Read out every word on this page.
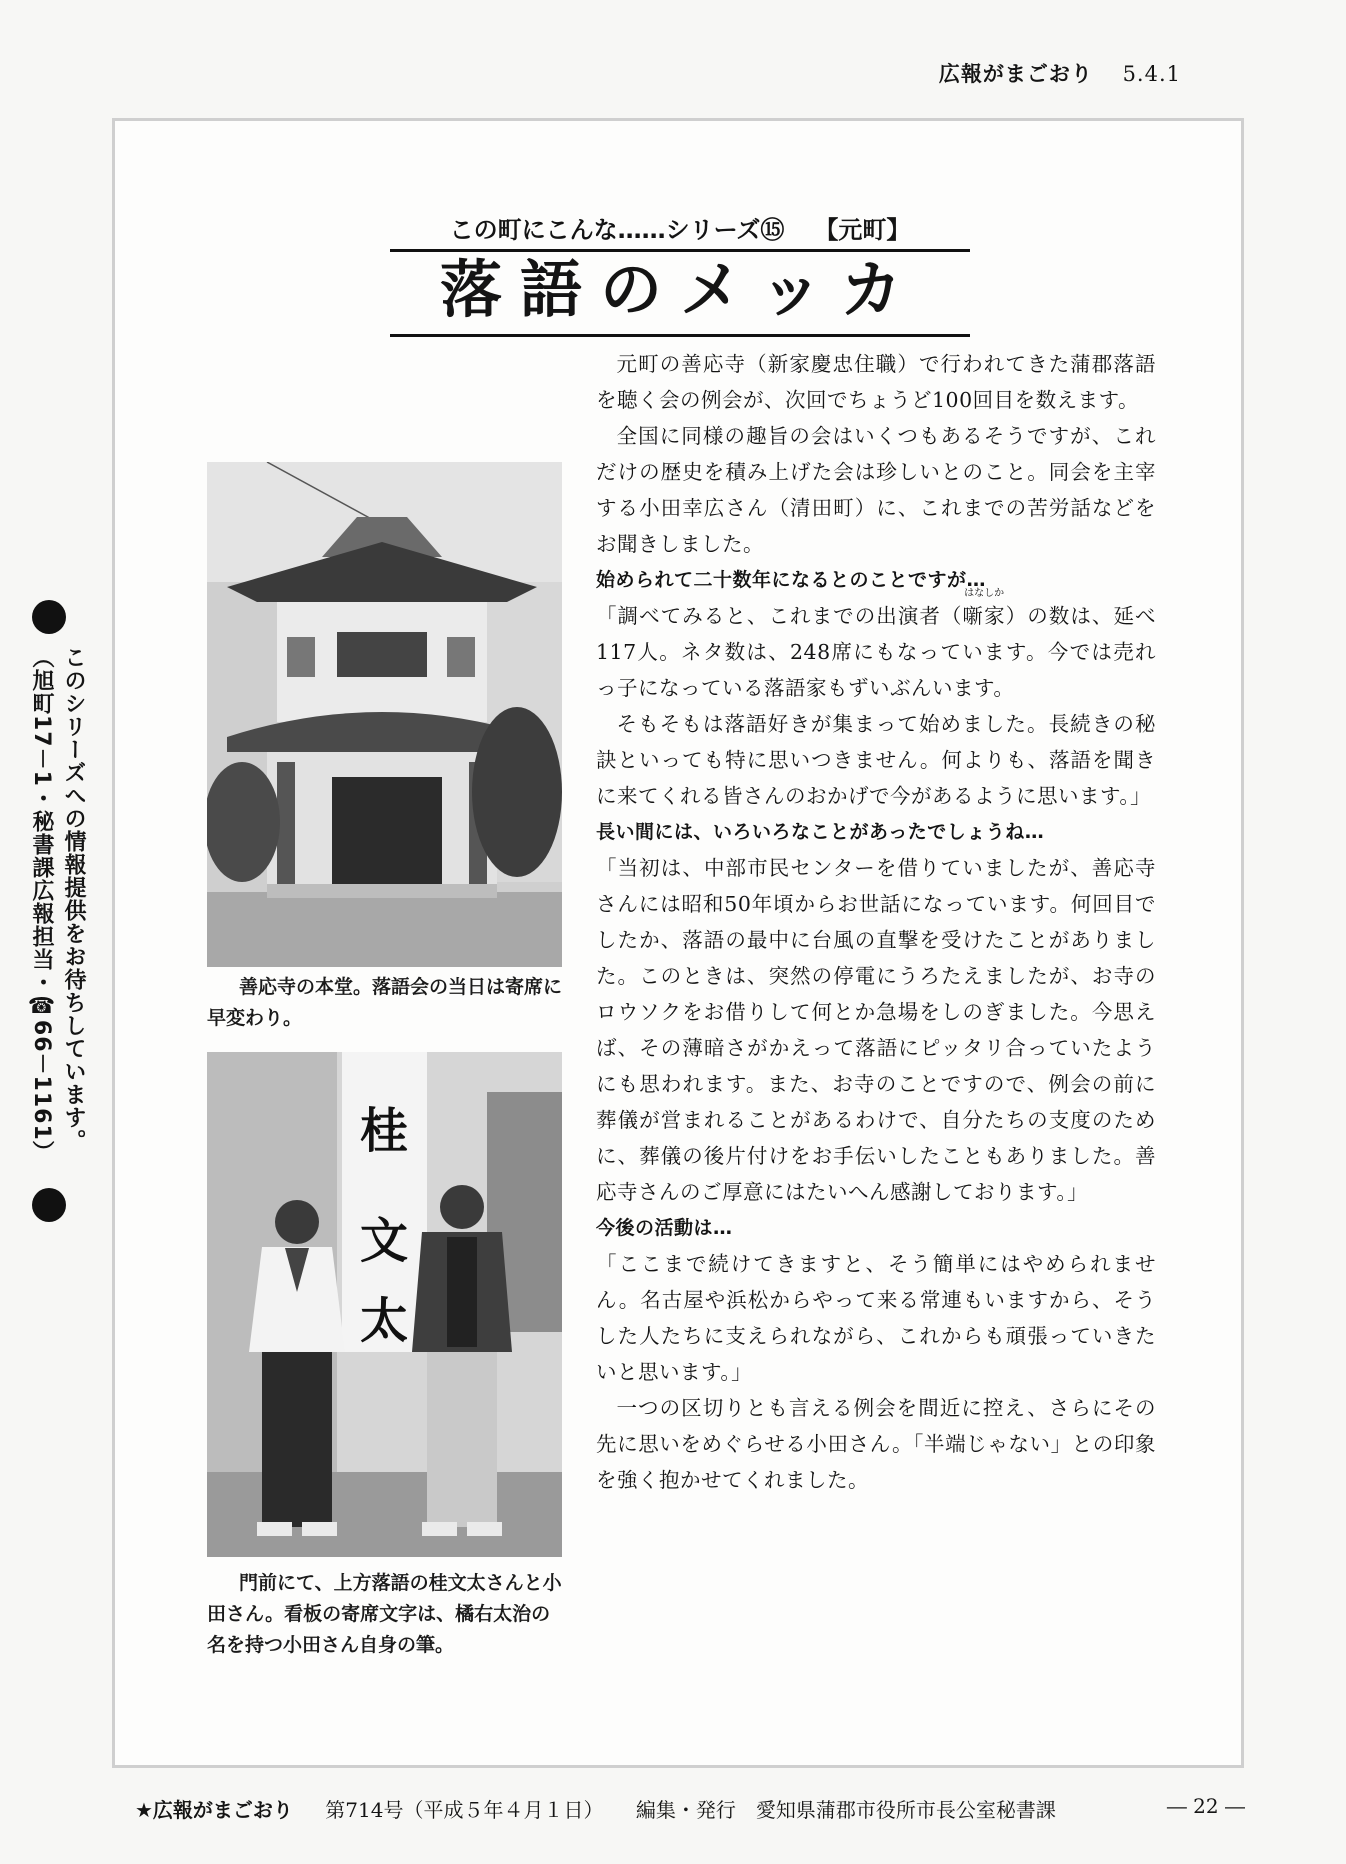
広報がまごおり 5.4.1
この町にこんな……シリーズ⑮ 【元町】
落語のメッカ
善応寺の本堂。落語会の当日は寄席に早変わり。
桂
文
太
門前にて、上方落語の桂文太さんと小田さん。看板の寄席文字は、橘右太治の名を持つ小田さん自身の筆。

元町の善応寺（新家慶忠住職）で行われてきた蒲郡落語を聴く会の例会が、次回でちょうど100回目を数えます。

全国に同様の趣旨の会はいくつもあるそうですが、これだけの歴史を積み上げた会は珍しいとのこと。同会を主宰する小田幸広さん（清田町）に、これまでの苦労話などをお聞きしました。

始められて二十数年になるとのことですが…

「調べてみると、これまでの出演者（
はなしか
噺家）の数は、延べ117人。ネタ数は、248席にもなっています。今では売れっ子になっている落語家もずいぶんいます。

そもそもは落語好きが集まって始めました。長続きの秘訣といっても特に思いつきません。何よりも、落語を聞きに来てくれる皆さんのおかげで今があるように思います。」

長い間には、いろいろなことがあったでしょうね…

「当初は、中部市民センターを借りていましたが、善応寺さんには昭和50年頃からお世話になっています。何回目でしたか、落語の最中に台風の直撃を受けたことがありました。このときは、突然の停電にうろたえましたが、お寺のロウソクをお借りして何とか急場をしのぎました。今思えば、その薄暗さがかえって落語にピッタリ合っていたようにも思われます。また、お寺のことですので、例会の前に葬儀が営まれることがあるわけで、自分たちの支度のために、葬儀の後片付けをお手伝いしたこともありました。善応寺さんのご厚意にはたいへん感謝しております。」

今後の活動は…

「ここまで続けてきますと、そう簡単にはやめられません。名古屋や浜松からやって来る常連もいますから、そうした人たちに支えられながら、これからも頑張っていきたいと思います。」

一つの区切りとも言える例会を間近に控え、さらにその先に思いをめぐらせる小田さん。「半端じゃない」との印象を強く抱かせてくれました。

このシリーズへの情報提供をお待ちしています。
（旭町17－1・秘書課広報担当・☎66－1161）
★広報がまごおり 第714号（平成５年４月１日） 編集・発行　愛知県蒲郡市役所市長公室秘書課	― 22 ―
